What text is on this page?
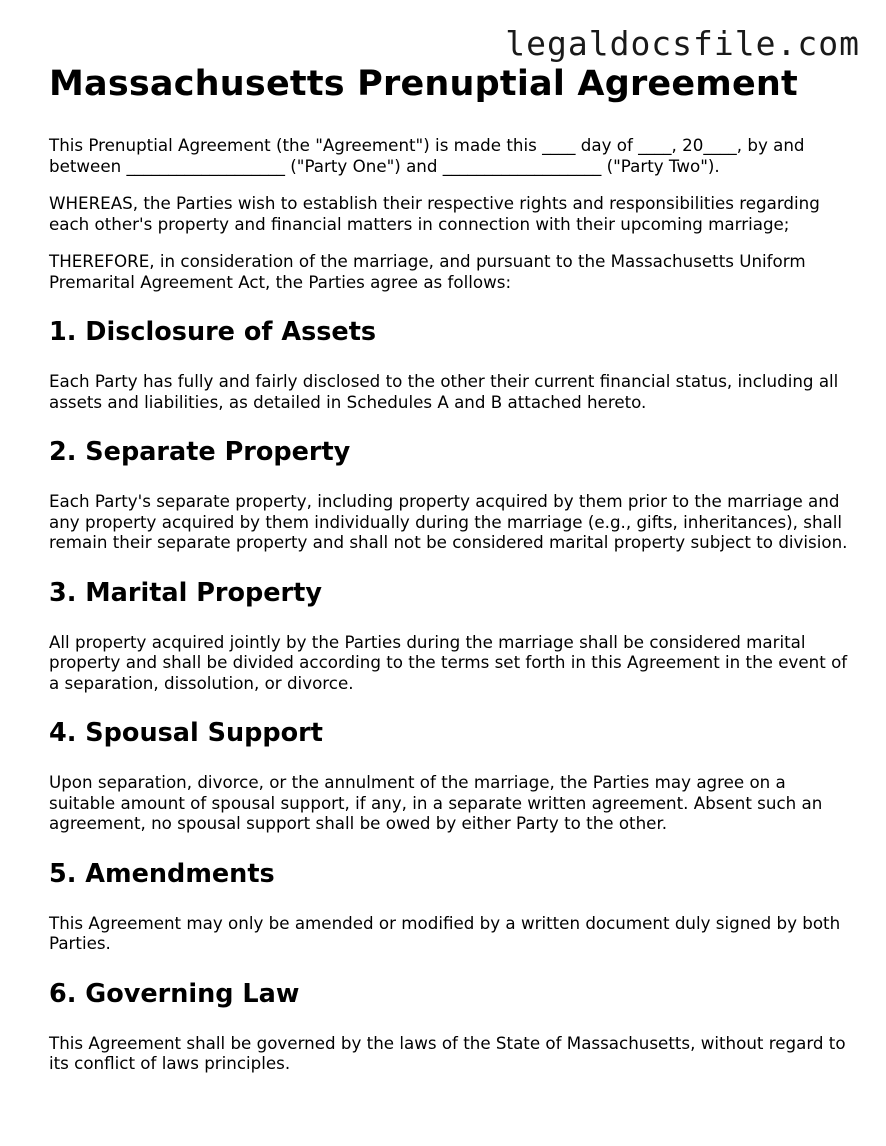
legaldocsfile.com
Massachusetts Prenuptial Agreement

This Prenuptial Agreement (the "Agreement") is made this ____ day of ____, 20____, by and between ___________________ ("Party One") and ___________________ ("Party Two").

WHEREAS, the Parties wish to establish their respective rights and responsibilities regarding each other's property and financial matters in connection with their upcoming marriage;

THEREFORE, in consideration of the marriage, and pursuant to the Massachusetts Uniform Premarital Agreement Act, the Parties agree as follows:

1. Disclosure of Assets

Each Party has fully and fairly disclosed to the other their current financial status, including all assets and liabilities, as detailed in Schedules A and B attached hereto.

2. Separate Property

Each Party's separate property, including property acquired by them prior to the marriage and any property acquired by them individually during the marriage (e.g., gifts, inheritances), shall remain their separate property and shall not be considered marital property subject to division.

3. Marital Property

All property acquired jointly by the Parties during the marriage shall be considered marital property and shall be divided according to the terms set forth in this Agreement in the event of a separation, dissolution, or divorce.

4. Spousal Support

Upon separation, divorce, or the annulment of the marriage, the Parties may agree on a suitable amount of spousal support, if any, in a separate written agreement. Absent such an agreement, no spousal support shall be owed by either Party to the other.

5. Amendments

This Agreement may only be amended or modified by a written document duly signed by both Parties.

6. Governing Law

This Agreement shall be governed by the laws of the State of Massachusetts, without regard to its conflict of laws principles.
